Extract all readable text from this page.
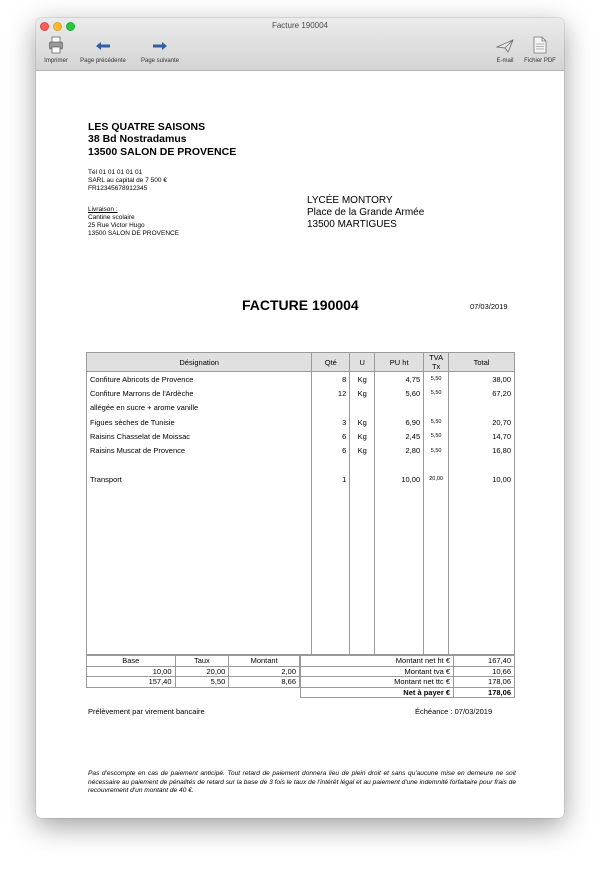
Facture 190004
Imprimer Page précédente	Page suivante	E-mail Fichier PDF
LES QUATRE SAISONS
38 Bd Nostradamus
13500 SALON DE PROVENCE
Tél 01 01 01 01 01
SARL au capital de 7 500 €
FR12345678912345
Livraison :
Cantine scolaire
25 Rue Victor Hugo
13500 SALON DE PROVENCE
LYCÉE MONTORY
Place de la Grande Armée
13500 MARTIGUES
FACTURE 190004	07/03/2019
Désignation	Qté	U	PU ht	TVA Tx	Total
Confiture Abricots de Provence	8	Kg	4,75	5,50	38,00
Confiture Marrons de l'Ardèche	12	Kg	5,60	5,50	67,20
allégée en sucre + arome vanille					
Figues sèches de Tunisie	3	Kg	6,90	5,50	20,70
Raisins Chasselat de Moissac	6	Kg	2,45	5,50	14,70
Raisins Muscat de Provence	6	Kg	2,80	5,50	16,80

Transport	1		10,00	20,00	10,00

Base	Taux	Montant
10,00	20,00	2,00
157,40	5,50	8,66

Montant net ht €	167,40
Montant tva €	10,66
Montant net ttc €	178,06
Net à payer €	178,06
Prélèvement par virement bancaire	Échéance : 07/03/2019
Pas d'escompte en cas de paiement anticipé. Tout retard de paiement donnera lieu de plein droit et sans qu'aucune mise en demeure ne soit nécessaire au paiement de pénalités de retard sur la base de 3 fois le taux de l'intérêt légal et au paiement d'une indemnité forfaitaire pour frais de recouvrement d'un montant de 40 €.
